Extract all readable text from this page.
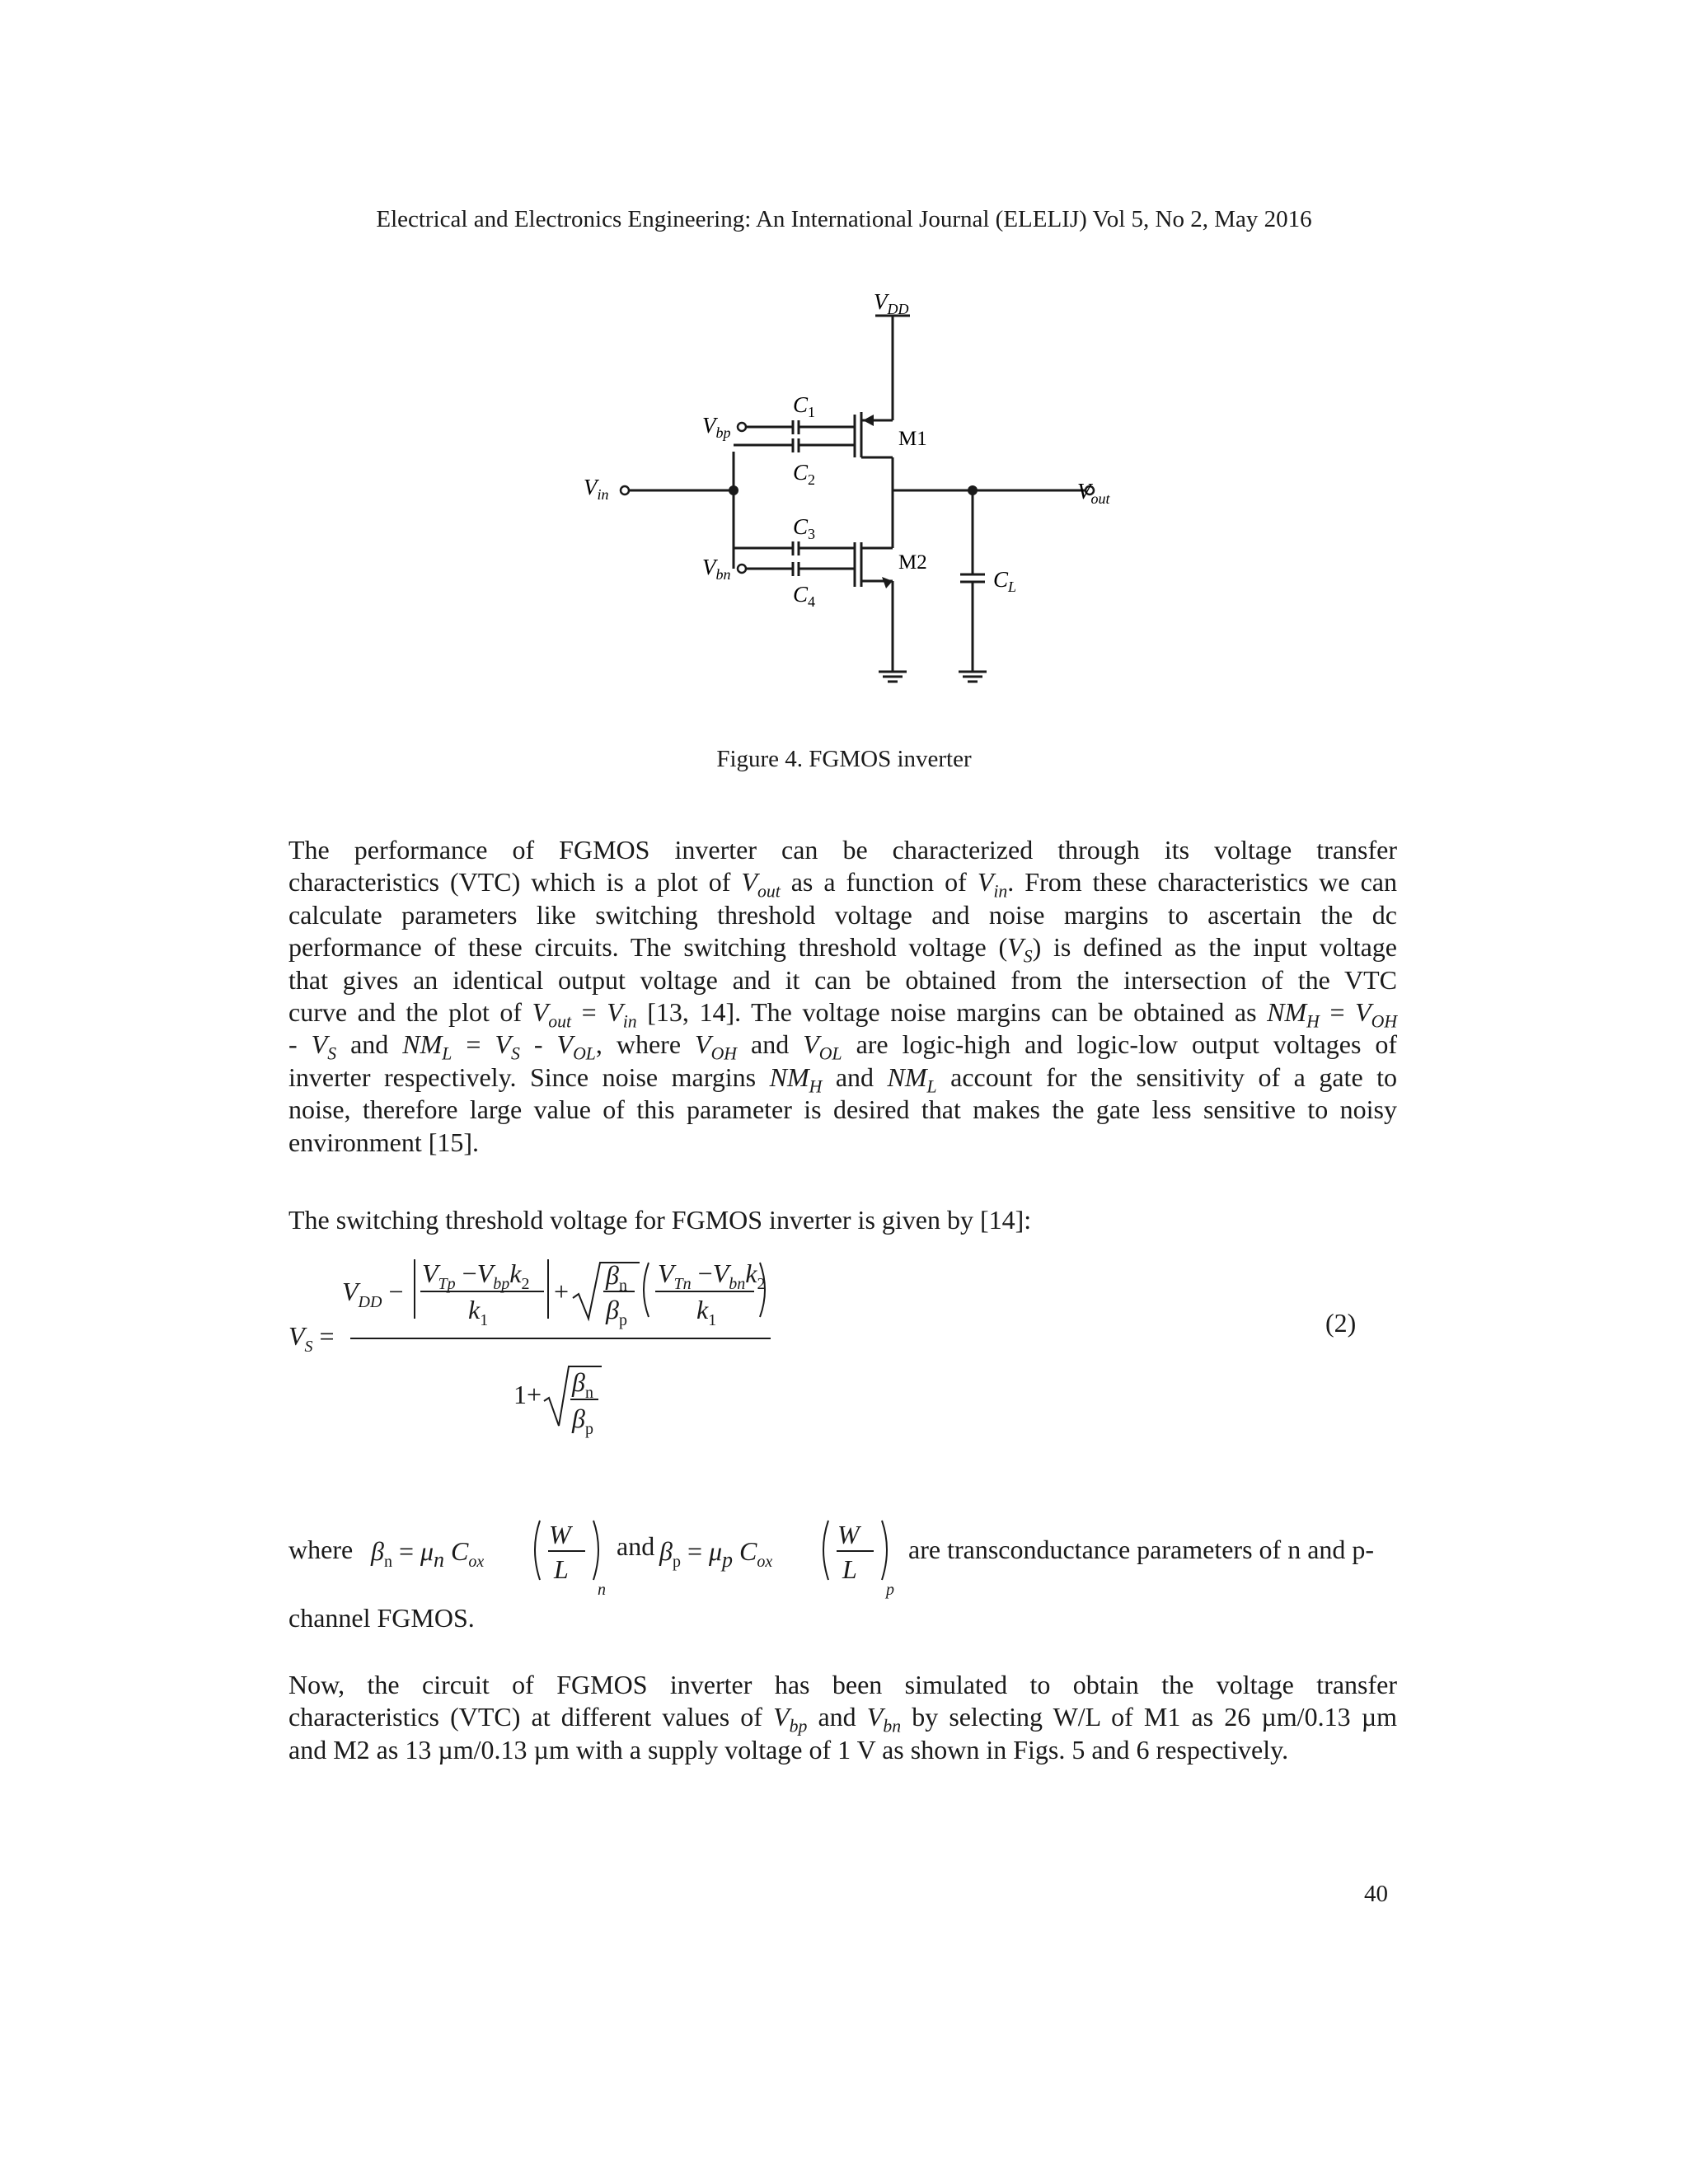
Electrical and Electronics Engineering: An International Journal (ELELIJ) Vol 5, No 2, May 2016
$V_{DD}$
$V_{bp}$
$V_{bn}$
$V_{in}$	$V_{out}$
$C_1$
$C_2$
$C_3$
$C_4$
$C_L$
M1
M2
Figure 4. FGMOS inverter
The performance of FGMOS inverter can be characterized through its voltage transfer
characteristics (VTC) which is a plot of $V_{out}$ as a function of $V_{in}$. From these characteristics we can
calculate parameters like switching threshold voltage and noise margins to ascertain the dc
performance of these circuits. The switching threshold voltage $(V_S)$ is defined as the input voltage
that gives an identical output voltage and it can be obtained from the intersection of the VTC
curve and the plot of $V_{out} = V_{in}$ [13, 14]. The voltage noise margins can be obtained as $NM_H = V_{OH}$
- $V_S$ and $NM_L = V_S - V_{OL}$, where $V_{OH}$ and $V_{OL}$ are logic-high and logic-low output voltages of
inverter respectively. Since noise margins $NM_H$ and $NM_L$ account for the sensitivity of a gate to
noise, therefore large value of this parameter is desired that makes the gate less sensitive to noisy
environment [15].
The switching threshold voltage for FGMOS inverter is given by [14]:
$V_S$ =
$V_{DD}$ −
$V_{Tp} -V_{bp}k_2$
$k_1$
+
$\beta_n$
$\beta_p$
$V_{Tn} -V_{bn}k_2$
$k_1$
$1+ \beta_n$
$\beta_p$
(2)
where $\beta_n = \mu_n$ $C_{ox}$
W
L
n
and $\beta_p = \mu_p$ $C_{ox}$
W
L
p
are transconductance parameters of n and p-
channel FGMOS.
Now, the circuit of FGMOS inverter has been simulated to obtain the voltage transfer
characteristics (VTC) at different values of $V_{bp}$ and $V_{bn}$ by selecting W/L of M1 as 26 µm/0.13 µm
and M2 as 13 µm/0.13 µm with a supply voltage of 1 V as shown in Figs. 5 and 6 respectively.
40
